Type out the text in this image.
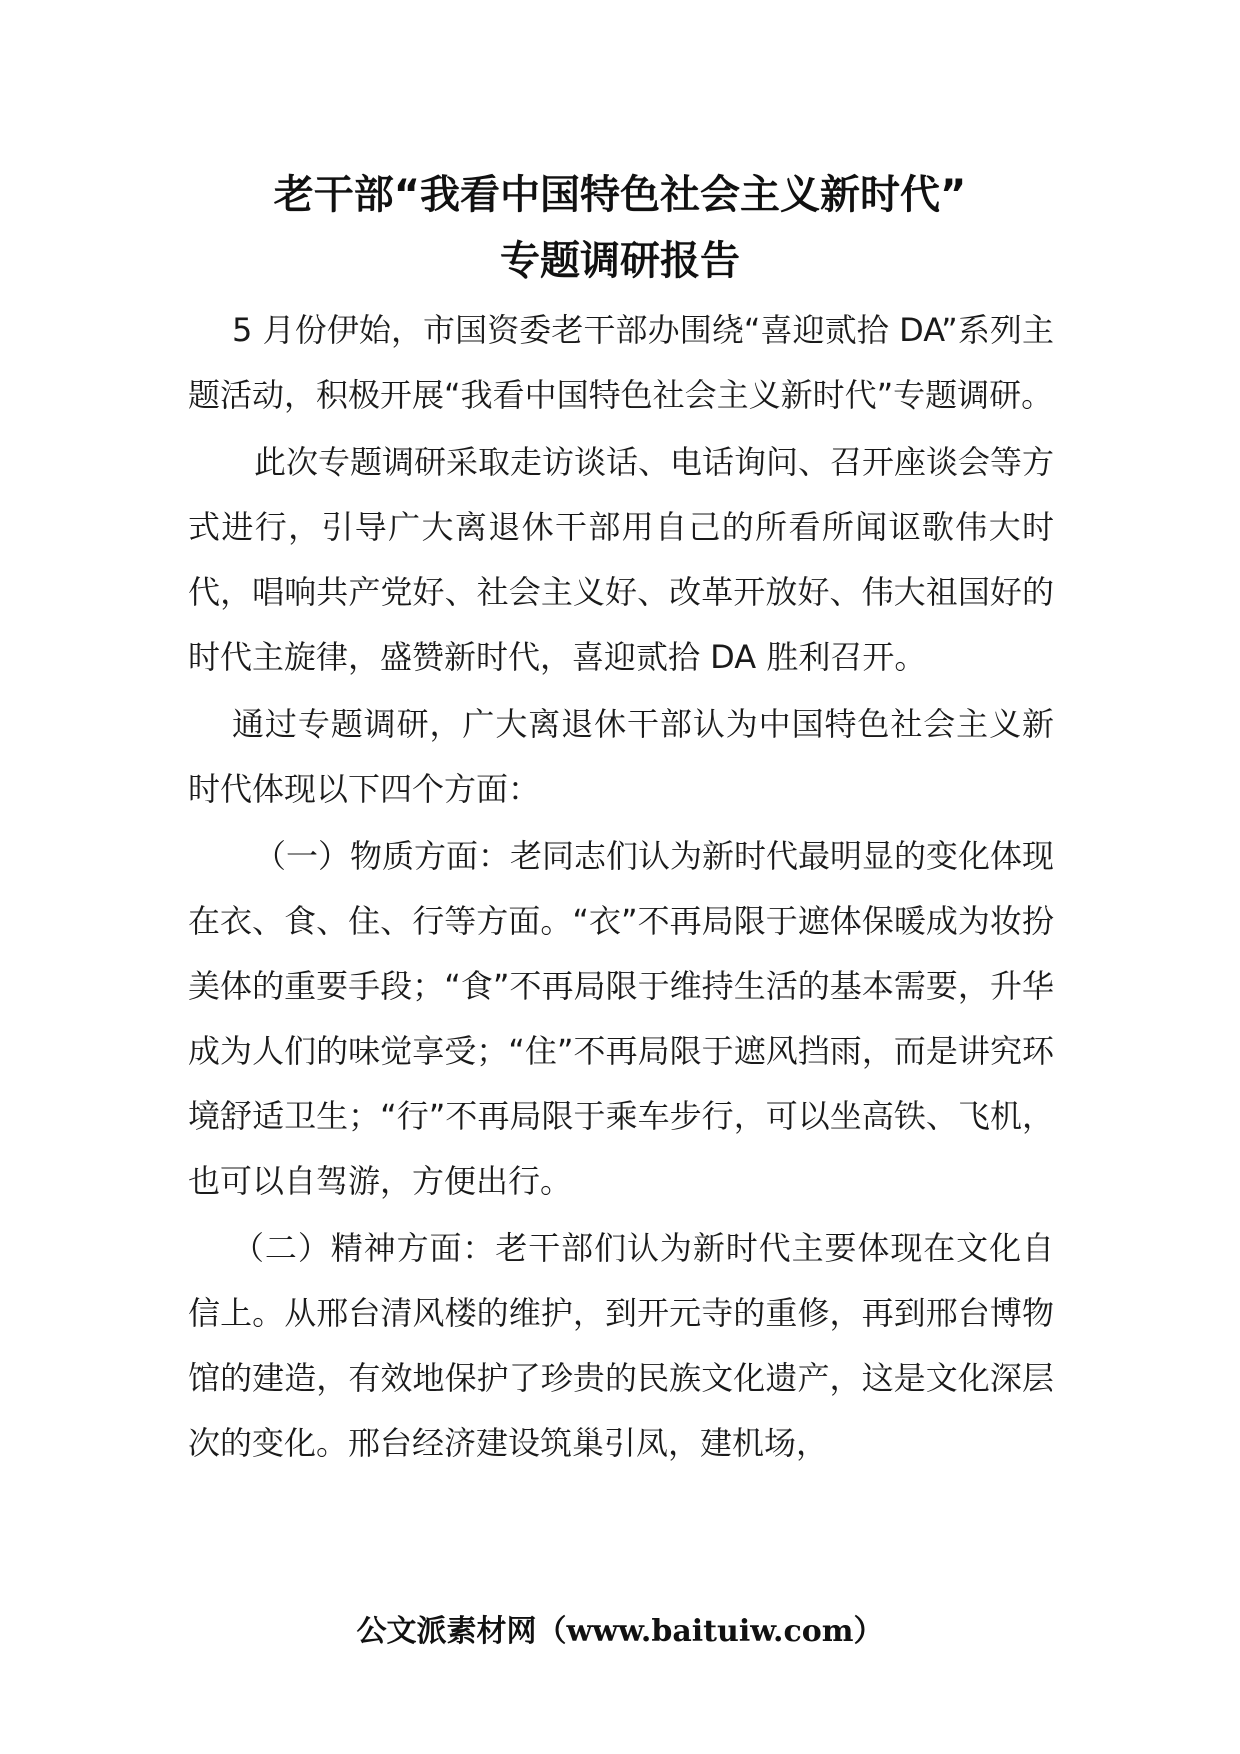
老干部“我看中国特色社会主义新时代”
专题调研报告

5 月份伊始，市国资委老干部办围绕“喜迎贰拾 DA”系列主题活动，积极开展“我看中国特色社会主义新时代”专题调研。

此次专题调研采取走访谈话、电话询问、召开座谈会等方式进行，引导广大离退休干部用自己的所看所闻讴歌伟大时代，唱响共产党好、社会主义好、改革开放好、伟大祖国好的时代主旋律，盛赞新时代，喜迎贰拾 DA 胜利召开。

通过专题调研，广大离退休干部认为中国特色社会主义新时代体现以下四个方面：

（一）物质方面：老同志们认为新时代最明显的变化体现在衣、食、住、行等方面。“衣”不再局限于遮体保暖成为妆扮美体的重要手段；“食”不再局限于维持生活的基本需要，升华成为人们的味觉享受；“住”不再局限于遮风挡雨，而是讲究环境舒适卫生；“行”不再局限于乘车步行，可以坐高铁、飞机，也可以自驾游，方便出行。

（二）精神方面：老干部们认为新时代主要体现在文化自信上。从邢台清风楼的维护，到开元寺的重修，再到邢台博物馆的建造，有效地保护了珍贵的民族文化遗产，这是文化深层次的变化。邢台经济建设筑巢引凤，建机场，

公文派素材网（www.baituiw.com）
